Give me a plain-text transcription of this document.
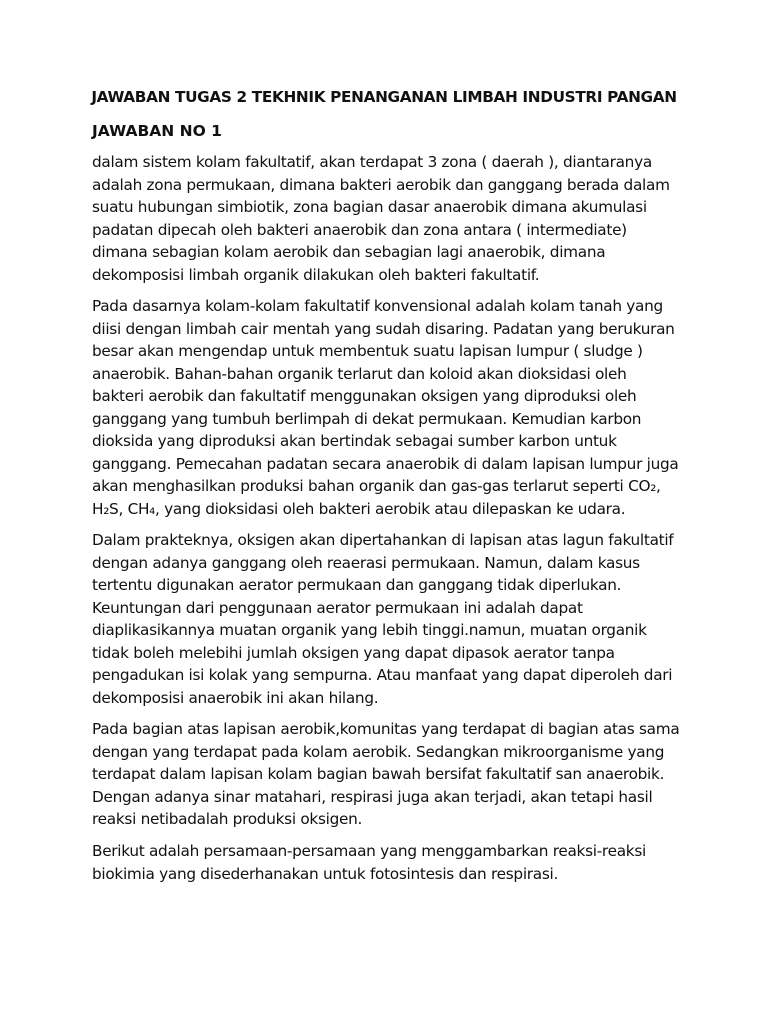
JAWABAN TUGAS 2 TEKHNIK PENANGANAN LIMBAH INDUSTRI PANGAN
JAWABAN NO 1
dalam sistem kolam fakultatif, akan terdapat 3 zona ( daerah ), diantaranya
adalah zona permukaan, dimana bakteri aerobik dan ganggang berada dalam
suatu hubungan simbiotik, zona bagian dasar anaerobik dimana akumulasi
padatan dipecah oleh bakteri anaerobik dan zona antara ( intermediate)
dimana sebagian kolam aerobik dan sebagian lagi anaerobik, dimana
dekomposisi limbah organik dilakukan oleh bakteri fakultatif.
Pada dasarnya kolam-kolam fakultatif konvensional adalah kolam tanah yang
diisi dengan limbah cair mentah yang sudah disaring. Padatan yang berukuran
besar akan mengendap untuk membentuk suatu lapisan lumpur ( sludge )
anaerobik. Bahan-bahan organik terlarut dan koloid akan dioksidasi oleh
bakteri aerobik dan fakultatif menggunakan oksigen yang diproduksi oleh
ganggang yang tumbuh berlimpah di dekat permukaan. Kemudian karbon
dioksida yang diproduksi akan bertindak sebagai sumber karbon untuk
ganggang. Pemecahan padatan secara anaerobik di dalam lapisan lumpur juga
akan menghasilkan produksi bahan organik dan gas-gas terlarut seperti CO₂,
H₂S, CH₄, yang dioksidasi oleh bakteri aerobik atau dilepaskan ke udara.
Dalam prakteknya, oksigen akan dipertahankan di lapisan atas lagun fakultatif
dengan adanya ganggang oleh reaerasi permukaan. Namun, dalam kasus
tertentu digunakan aerator permukaan dan ganggang tidak diperlukan.
Keuntungan dari penggunaan aerator permukaan ini adalah dapat
diaplikasikannya muatan organik yang lebih tinggi.namun, muatan organik
tidak boleh melebihi jumlah oksigen yang dapat dipasok aerator tanpa
pengadukan isi kolak yang sempurna. Atau manfaat yang dapat diperoleh dari
dekomposisi anaerobik ini akan hilang.
Pada bagian atas lapisan aerobik,komunitas yang terdapat di bagian atas sama
dengan yang terdapat pada kolam aerobik. Sedangkan mikroorganisme yang
terdapat dalam lapisan kolam bagian bawah bersifat fakultatif san anaerobik.
Dengan adanya sinar matahari, respirasi juga akan terjadi, akan tetapi hasil
reaksi netibadalah produksi oksigen.
Berikut adalah persamaan-persamaan yang menggambarkan reaksi-reaksi
biokimia yang disederhanakan untuk fotosintesis dan respirasi.
